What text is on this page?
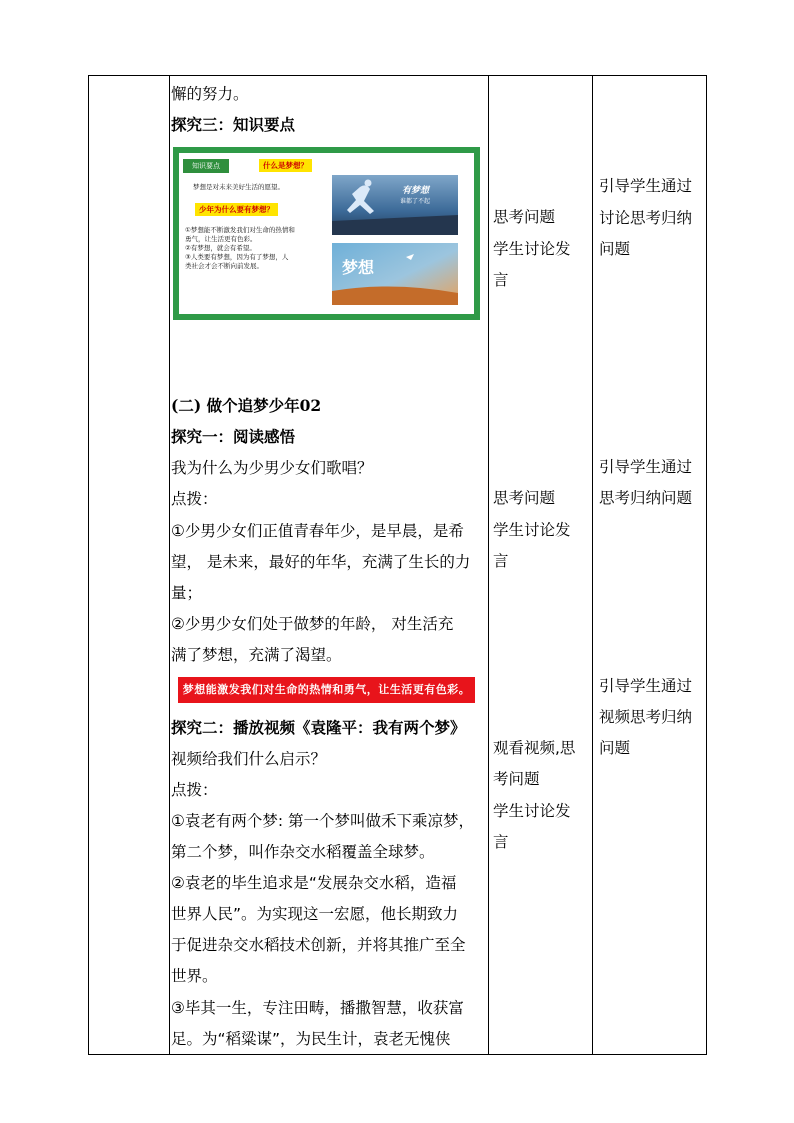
懈的努力。
探究三：知识要点
知识要点	什么是梦想？
梦想是对未来美好生活的愿望。
少年为什么要有梦想？
①梦想能不断激发我们对生命的热情和
勇气，让生活更有色彩。
②有梦想，就会有希望。
③人类要有梦想，因为有了梦想，人
类社会才会不断向前发展。
有梦想
谁都了不起
梦想
(二) 做个追梦少年02
探究一：阅读感悟
我为什么为少男少女们歌唱？
点拨：
①少男少女们正值青春年少，是早晨，是希
望， 是未来，最好的年华，充满了生长的力
量；
②少男少女们处于做梦的年龄， 对生活充
满了梦想，充满了渴望。
梦想能激发我们对生命的热情和勇气，让生活更有色彩。
探究二：播放视频《袁隆平：我有两个梦》
视频给我们什么启示？
点拨：
①袁老有两个梦: 第一个梦叫做禾下乘凉梦，
第二个梦，叫作杂交水稻覆盖全球梦。
②袁老的毕生追求是“发展杂交水稻，造福
世界人民”。为实现这一宏愿，他长期致力
于促进杂交水稻技术创新，并将其推广至全
世界。
③毕其一生，专注田畴，播撒智慧，收获富
足。为“稻粱谋”，为民生计，袁老无愧侠
思考问题
学生讨论发
言
思考问题
学生讨论发
言
观看视频,思
考问题
学生讨论发
言
引导学生通过
讨论思考归纳
问题
引导学生通过
思考归纳问题
引导学生通过
视频思考归纳
问题
